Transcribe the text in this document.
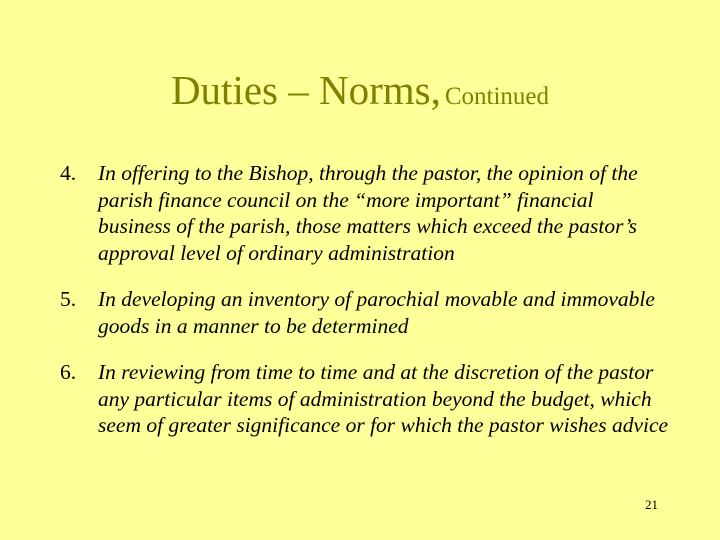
Duties – Norms, Continued
4. In offering to the Bishop, through the pastor, the opinion of the parish finance council on the “more important” financial business of the parish, those matters which exceed the pastor’s approval level of ordinary administration
5. In developing an inventory of parochial movable and immovable goods in a manner to be determined
6. In reviewing from time to time and at the discretion of the pastor any particular items of administration beyond the budget, which seem of greater significance or for which the pastor wishes advice
21
